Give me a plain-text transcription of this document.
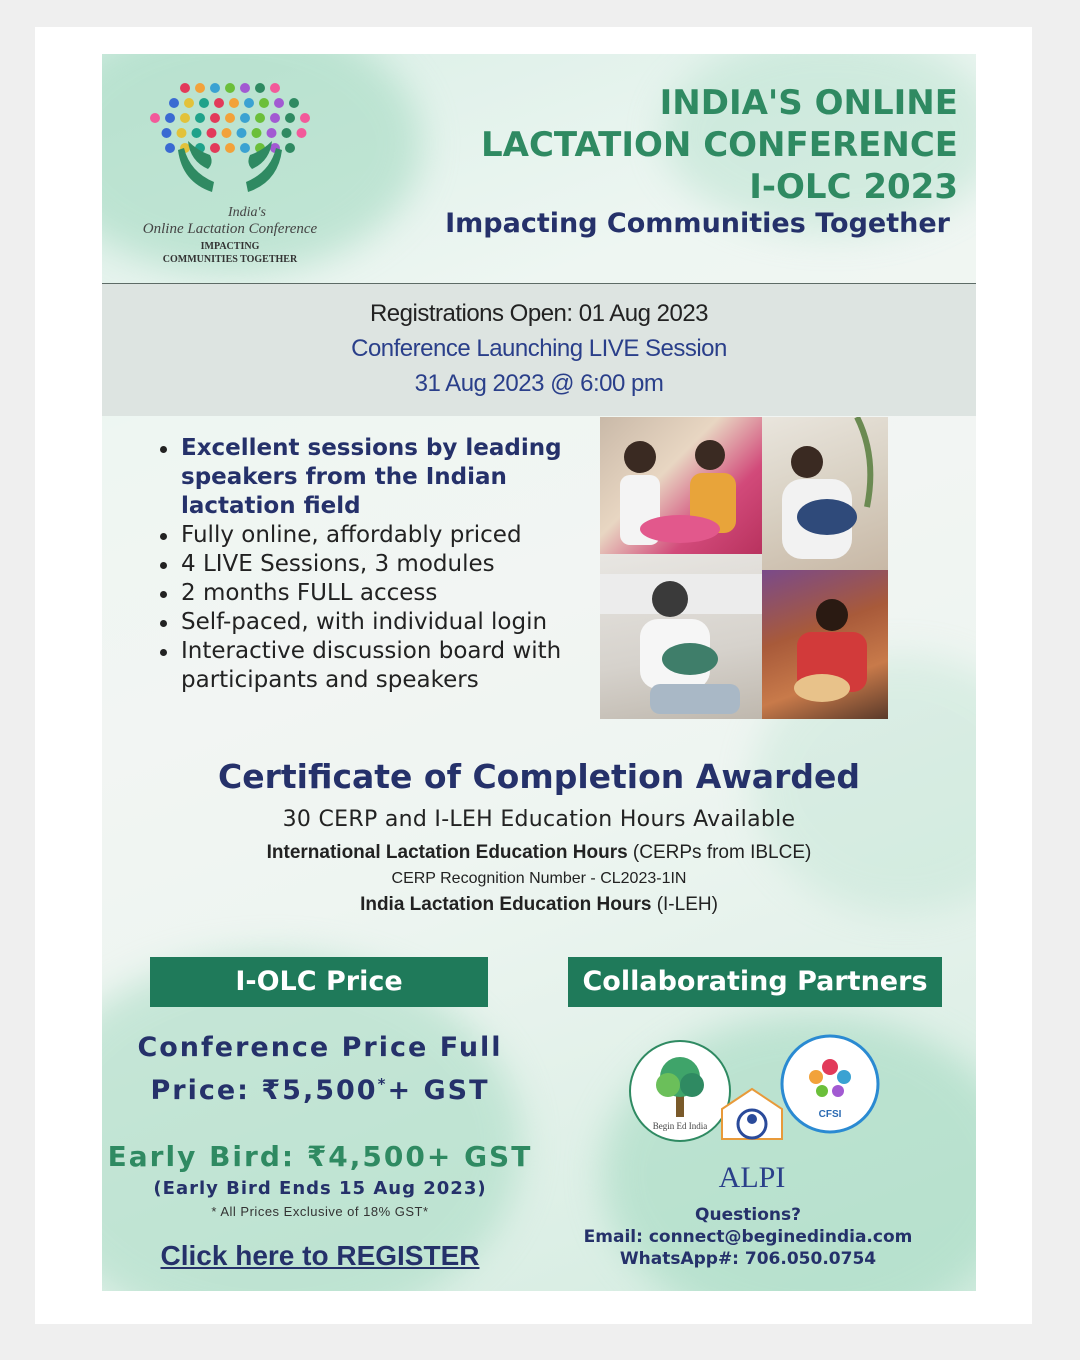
India's
Online Lactation Conference
IMPACTING
COMMUNITIES TOGETHER
INDIA'S ONLINE
LACTATION CONFERENCE
I-OLC 2023
Impacting Communities Together
Registrations Open: 01 Aug 2023
Conference Launching LIVE Session
31 Aug 2023 @ 6:00 pm
Excellent sessions by leading speakers from the Indian lactation field
Fully online, affordably priced
4 LIVE Sessions, 3 modules
2 months FULL access
Self-paced, with individual login
Interactive discussion board with participants and speakers
Certificate of Completion Awarded
30 CERP and I-LEH Education Hours Available
International Lactation Education Hours (CERPs from IBLCE)
CERP Recognition Number - CL2023-1IN
India Lactation Education Hours (I-LEH)
I-OLC Price
Conference Price Full
Price: ₹5,500*+ GST
Early Bird: ₹4,500+ GST
(Early Bird Ends 15 Aug 2023)
* All Prices Exclusive of 18% GST*
Click here to REGISTER
Collaborating Partners
Begin Ed India
CFSI
ALPI
Questions?
Email: connect@beginedindia.com
WhatsApp#: 706.050.0754
